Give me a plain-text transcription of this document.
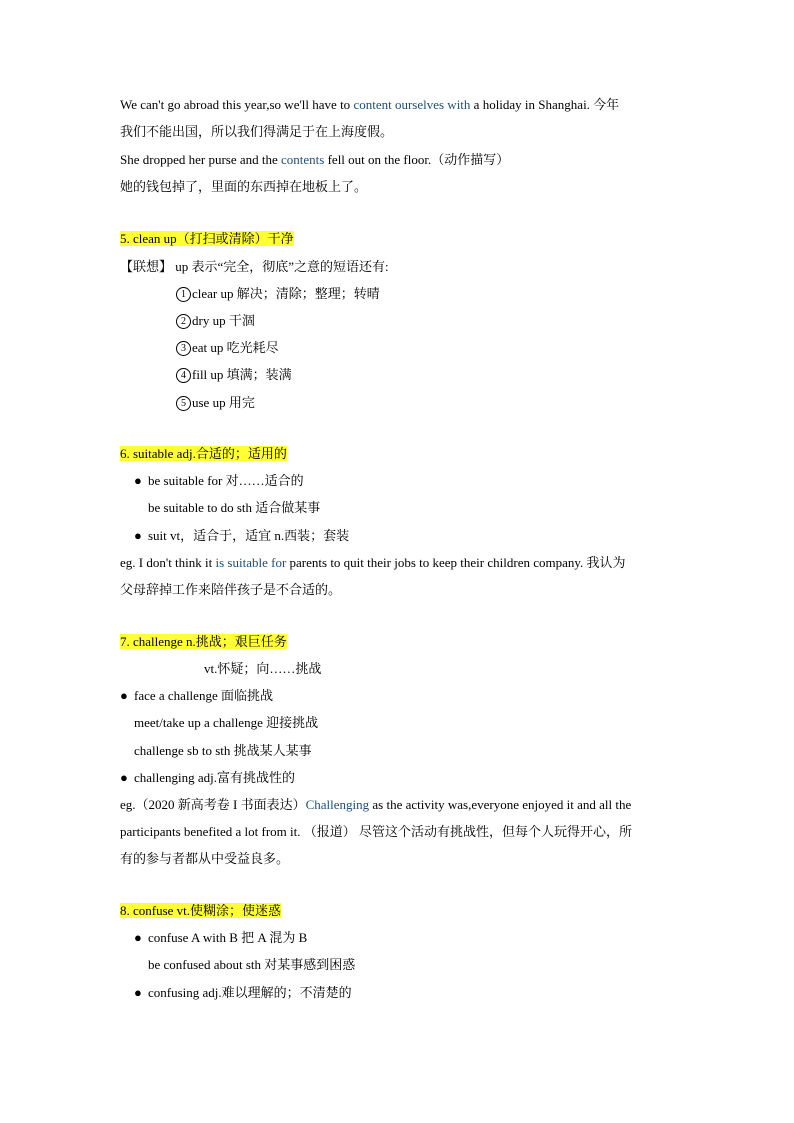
We can't go abroad this year,so we'll have to content ourselves with a holiday in Shanghai. 今年
我们不能出国，所以我们得满足于在上海度假。
She dropped her purse and the contents fell out on the floor.（动作描写）
她的钱包掉了，里面的东西掉在地板上了。
5. clean up（打扫或清除）干净
【联想】 up 表示“完全，彻底”之意的短语还有:
1 clear up 解决；清除；整理；转晴
2 dry up 干涸
3 eat up 吃光耗尽
4 fill up 填满；装满
5 use up 用完
6. suitable adj.合适的；适用的
● be suitable for 对……适合的
be suitable to do sth 适合做某事
● suit vt，适合于，适宜 n.西装；套装
eg. I don't think it is suitable for parents to quit their jobs to keep their children company. 我认为
父母辞掉工作来陪伴孩子是不合适的。
7. challenge n.挑战；艰巨任务
vt.怀疑；向……挑战
● face a challenge 面临挑战
meet/take up a challenge 迎接挑战
challenge sb to sth 挑战某人某事
● challenging adj.富有挑战性的
eg.（2020 新高考卷 I 书面表达）Challenging as the activity was,everyone enjoyed it and all the
participants benefited a lot from it. （报道） 尽管这个活动有挑战性，但每个人玩得开心，所
有的参与者都从中受益良多。
8. confuse vt.使糊涂；使迷惑
● confuse A with B 把 A 混为 B
be confused about sth 对某事感到困惑
● confusing adj.难以理解的；不清楚的
